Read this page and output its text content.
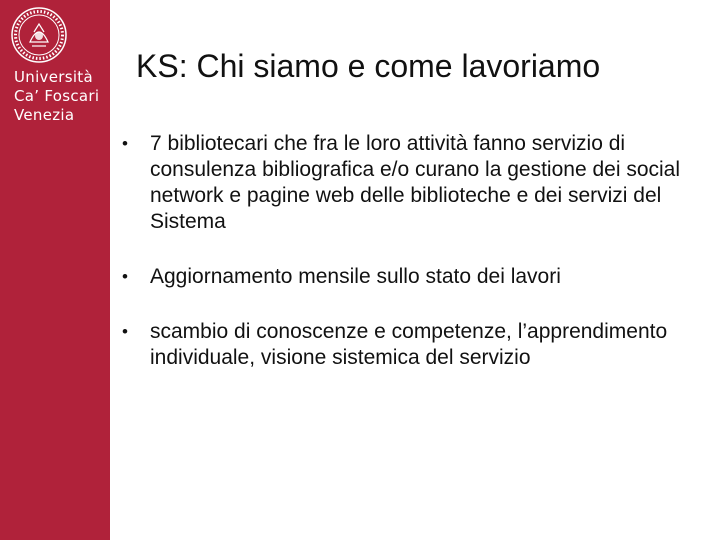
Università
Ca’ Foscari
Venezia
KS: Chi siamo e come lavoriamo
• 7 bibliotecari che fra le loro attività fanno servizio di consulenza bibliografica e/o curano la gestione dei social network e pagine web delle biblioteche e dei servizi del Sistema
• Aggiornamento mensile sullo stato dei lavori
• scambio di conoscenze e competenze, l’apprendimento individuale, visione sistemica del servizio
